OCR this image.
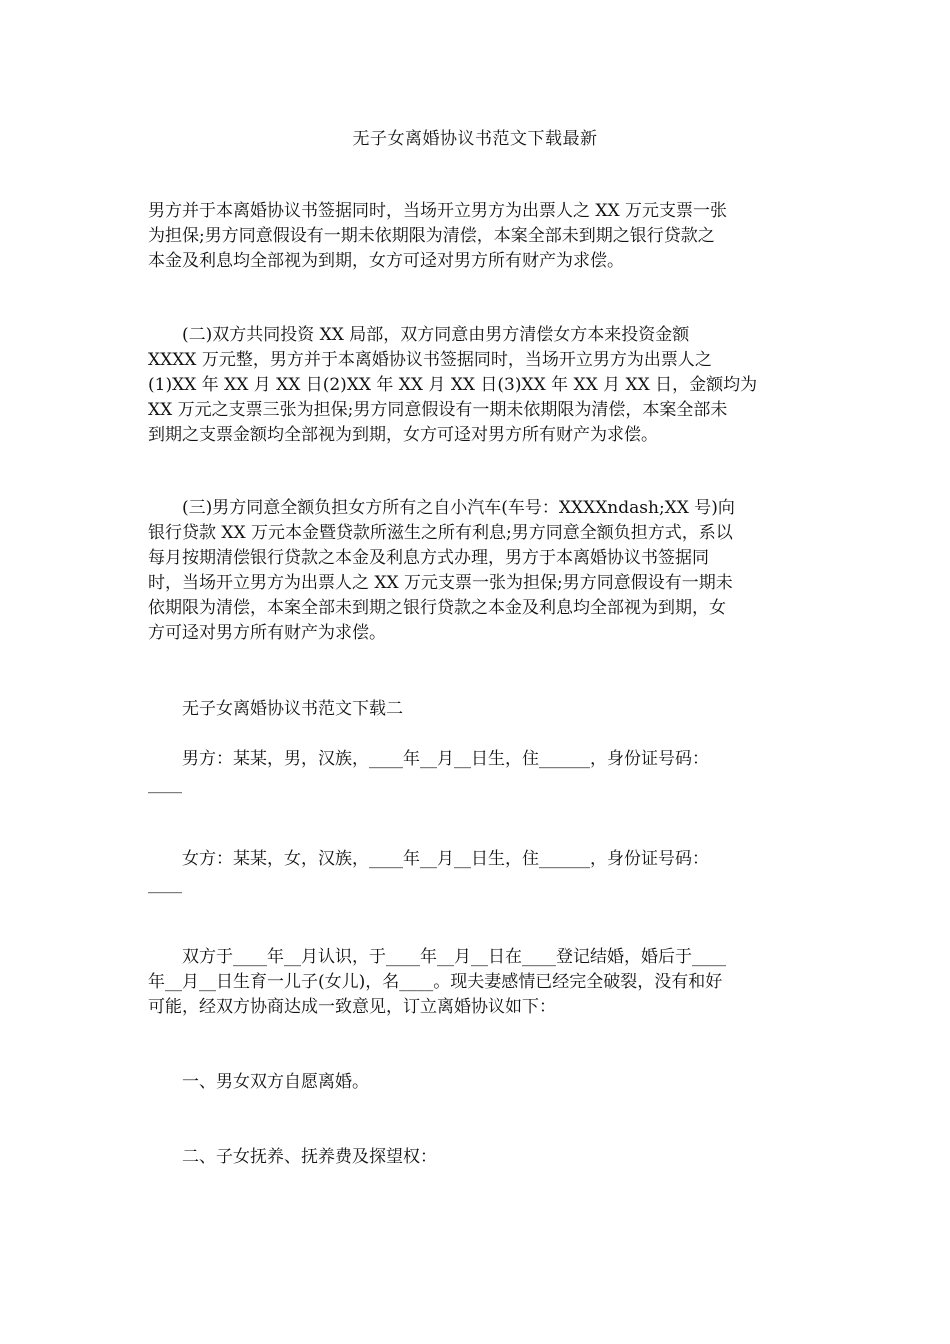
无子女离婚协议书范文下载最新
男方并于本离婚协议书签据同时，当场开立男方为出票人之 XX 万元支票一张
为担保;男方同意假设有一期未依期限为清偿，本案全部未到期之银行贷款之
本金及利息均全部视为到期，女方可迳对男方所有财产为求偿。
(二)双方共同投资 XX 局部，双方同意由男方清偿女方本来投资金额
XXXX 万元整，男方并于本离婚协议书签据同时，当场开立男方为出票人之
(1)XX 年 XX 月 XX 日(2)XX 年 XX 月 XX 日(3)XX 年 XX 月 XX 日，金额均为
XX 万元之支票三张为担保;男方同意假设有一期未依期限为清偿，本案全部未
到期之支票金额均全部视为到期，女方可迳对男方所有财产为求偿。
(三)男方同意全额负担女方所有之自小汽车(车号：XXXXndash;XX 号)向
银行贷款 XX 万元本金暨贷款所滋生之所有利息;男方同意全额负担方式，系以
每月按期清偿银行贷款之本金及利息方式办理，男方于本离婚协议书签据同
时，当场开立男方为出票人之 XX 万元支票一张为担保;男方同意假设有一期未
依期限为清偿，本案全部未到期之银行贷款之本金及利息均全部视为到期，女
方可迳对男方所有财产为求偿。
无子女离婚协议书范文下载二
男方：某某，男，汉族，____年__月__日生，住______，身份证号码：
____
女方：某某，女，汉族，____年__月__日生，住______，身份证号码：
____
双方于____年__月认识，于____年__月__日在____登记结婚，婚后于____
年__月__日生育一儿子(女儿)，名____。现夫妻感情已经完全破裂，没有和好
可能，经双方协商达成一致意见，订立离婚协议如下：
一、男女双方自愿离婚。
二、子女抚养、抚养费及探望权：
